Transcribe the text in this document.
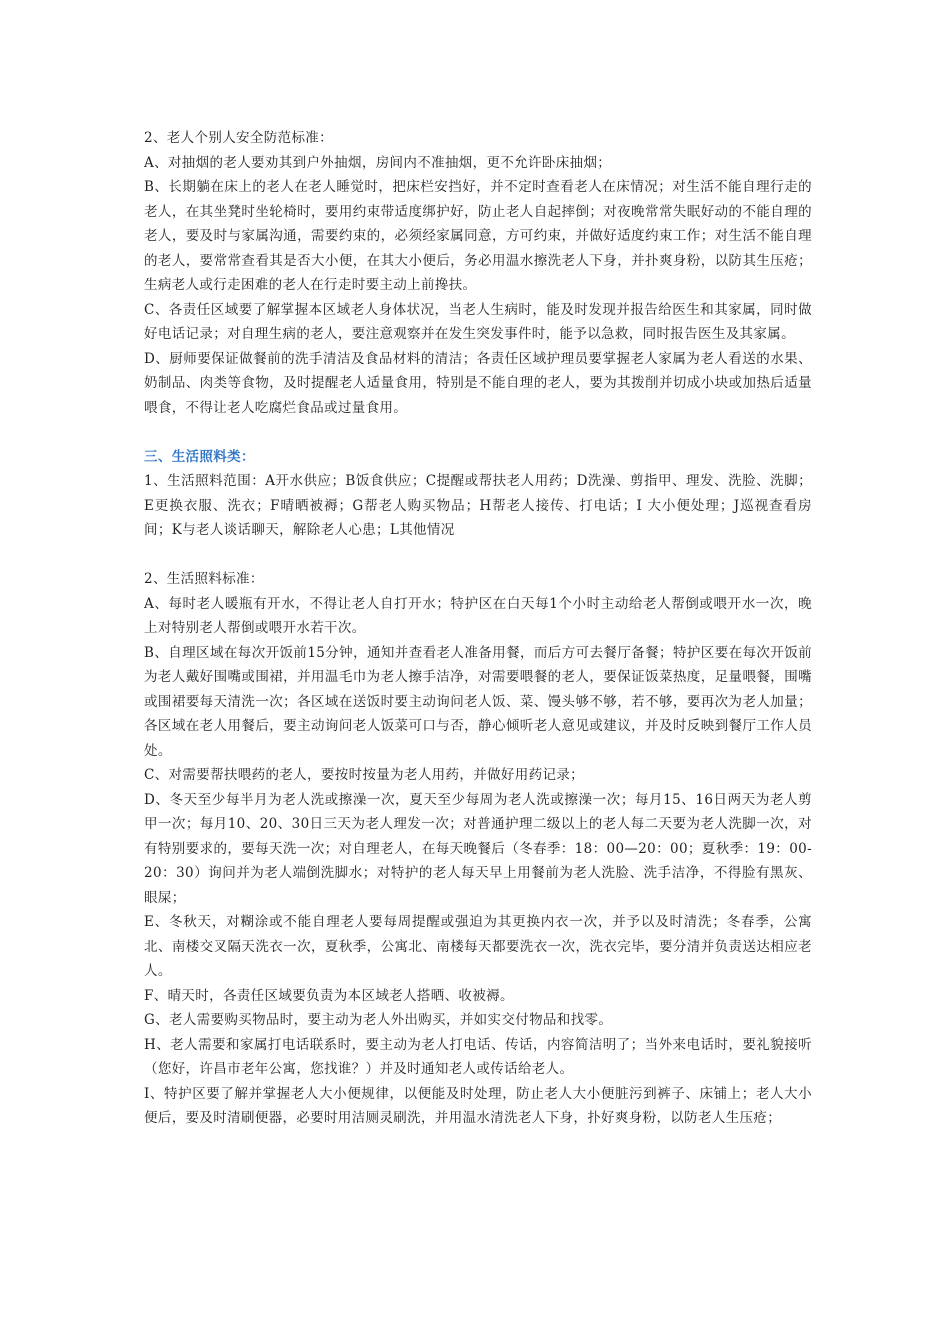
2、老人个别人安全防范标准：

A、对抽烟的老人要劝其到户外抽烟，房间内不准抽烟，更不允许卧床抽烟；

B、长期躺在床上的老人在老人睡觉时，把床栏安挡好，并不定时查看老人在床情况；对生活不能自理行走的老人，在其坐凳时坐轮椅时，要用约束带适度绑护好，防止老人自起摔倒；对夜晚常常失眠好动的不能自理的老人，要及时与家属沟通，需要约束的，必须经家属同意，方可约束，并做好适度约束工作；对生活不能自理的老人，要常常查看其是否大小便，在其大小便后，务必用温水擦洗老人下身，并扑爽身粉，以防其生压疮；生病老人或行走困难的老人在行走时要主动上前搀扶。

C、各责任区域要了解掌握本区域老人身体状况，当老人生病时，能及时发现并报告给医生和其家属，同时做好电话记录；对自理生病的老人，要注意观察并在发生突发事件时，能予以急救，同时报告医生及其家属。

D、厨师要保证做餐前的洗手清洁及食品材料的清洁；各责任区域护理员要掌握老人家属为老人看送的水果、奶制品、肉类等食物，及时提醒老人适量食用，特别是不能自理的老人，要为其拨削并切成小块或加热后适量喂食，不得让老人吃腐烂食品或过量食用。

三、生活照料类：

1、生活照料范围：A开水供应；B饭食供应；C提醒或帮扶老人用药；D洗澡、剪指甲、理发、洗脸、洗脚；E更换衣服、洗衣；F晴晒被褥；G帮老人购买物品；H帮老人接传、打电话；I 大小便处理；J巡视查看房间；K与老人谈话聊天，解除老人心患；L其他情况

2、生活照料标准：

A、每时老人暖瓶有开水，不得让老人自打开水；特护区在白天每1个小时主动给老人帮倒或喂开水一次，晚上对特别老人帮倒或喂开水若干次。

B、自理区域在每次开饭前15分钟，通知并查看老人准备用餐，而后方可去餐厅备餐；特护区要在每次开饭前为老人戴好围嘴或围裙，并用温毛巾为老人擦手洁净，对需要喂餐的老人，要保证饭菜热度，足量喂餐，围嘴或围裙要每天清洗一次；各区域在送饭时要主动询问老人饭、菜、馒头够不够，若不够，要再次为老人加量；各区域在老人用餐后，要主动询问老人饭菜可口与否，静心倾听老人意见或建议，并及时反映到餐厅工作人员处。

C、对需要帮扶喂药的老人，要按时按量为老人用药，并做好用药记录；

D、冬天至少每半月为老人洗或擦澡一次，夏天至少每周为老人洗或擦澡一次；每月15、16日两天为老人剪甲一次；每月10、20、30日三天为老人理发一次；对普通护理二级以上的老人每二天要为老人洗脚一次，对有特别要求的，要每天洗一次；对自理老人，在每天晚餐后（冬春季：18：00—20：00；夏秋季：19：00-20：30）询问并为老人端倒洗脚水；对特护的老人每天早上用餐前为老人洗脸、洗手洁净，不得脸有黑灰、眼屎；

E、冬秋天，对糊涂或不能自理老人要每周提醒或强迫为其更换内衣一次，并予以及时清洗；冬春季，公寓北、南楼交叉隔天洗衣一次，夏秋季，公寓北、南楼每天都要洗衣一次，洗衣完毕，要分清并负责送达相应老人。

F、晴天时，各责任区域要负责为本区域老人搭晒、收被褥。

G、老人需要购买物品时，要主动为老人外出购买，并如实交付物品和找零。

H、老人需要和家属打电话联系时，要主动为老人打电话、传话，内容简洁明了；当外来电话时，要礼貌接听（您好，许昌市老年公寓，您找谁？）并及时通知老人或传话给老人。

I、特护区要了解并掌握老人大小便规律，以便能及时处理，防止老人大小便脏污到裤子、床铺上；老人大小便后，要及时清刷便器，必要时用洁厕灵刷洗，并用温水清洗老人下身，扑好爽身粉，以防老人生压疮；
